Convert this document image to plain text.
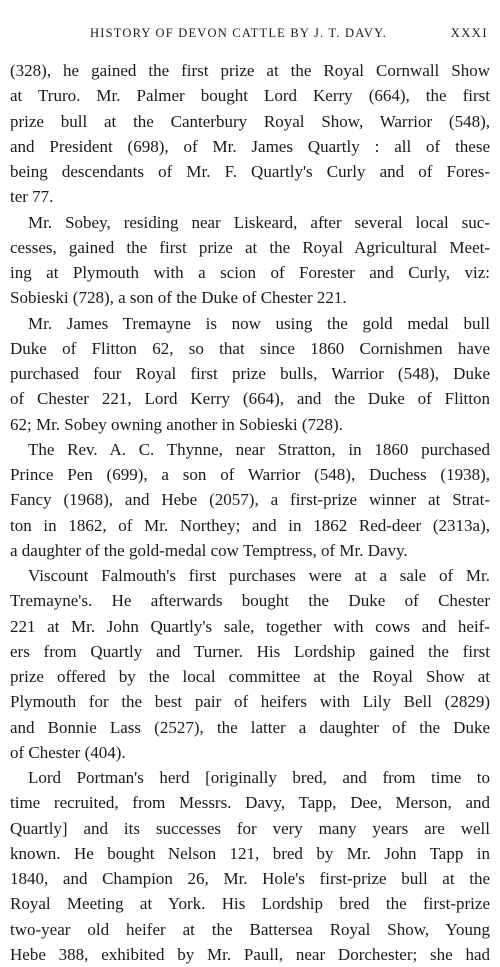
HISTORY OF DEVON CATTLE BY J. T. DAVY.	XXXI
(328), he gained the first prize at the Royal Cornwall Show
at Truro. Mr. Palmer bought Lord Kerry (664), the first
prize bull at the Canterbury Royal Show, Warrior (548),
and President (698), of Mr. James Quartly : all of these
being descendants of Mr. F. Quartly's Curly and of Fores-
ter 77.
Mr. Sobey, residing near Liskeard, after several local suc-
cesses, gained the first prize at the Royal Agricultural Meet-
ing at Plymouth with a scion of Forester and Curly, viz:
Sobieski (728), a son of the Duke of Chester 221.
Mr. James Tremayne is now using the gold medal bull
Duke of Flitton 62, so that since 1860 Cornishmen have
purchased four Royal first prize bulls, Warrior (548), Duke
of Chester 221, Lord Kerry (664), and the Duke of Flitton
62; Mr. Sobey owning another in Sobieski (728).
The Rev. A. C. Thynne, near Stratton, in 1860 purchased
Prince Pen (699), a son of Warrior (548), Duchess (1938),
Fancy (1968), and Hebe (2057), a first-prize winner at Strat-
ton in 1862, of Mr. Northey; and in 1862 Red-deer (2313a),
a daughter of the gold-medal cow Temptress, of Mr. Davy.
Viscount Falmouth's first purchases were at a sale of Mr.
Tremayne's. He afterwards bought the Duke of Chester
221 at Mr. John Quartly's sale, together with cows and heif-
ers from Quartly and Turner. His Lordship gained the first
prize offered by the local committee at the Royal Show at
Plymouth for the best pair of heifers with Lily Bell (2829)
and Bonnie Lass (2527), the latter a daughter of the Duke
of Chester (404).
Lord Portman's herd [originally bred, and from time to
time recruited, from Messrs. Davy, Tapp, Dee, Merson, and
Quartly] and its successes for very many years are well
known. He bought Nelson 121, bred by Mr. John Tapp in
1840, and Champion 26, Mr. Hole's first-prize bull at the
Royal Meeting at York. His Lordship bred the first-prize
two-year old heifer at the Battersea Royal Show, Young
Hebe 388, exhibited by Mr. Paull, near Dorchester; she had
